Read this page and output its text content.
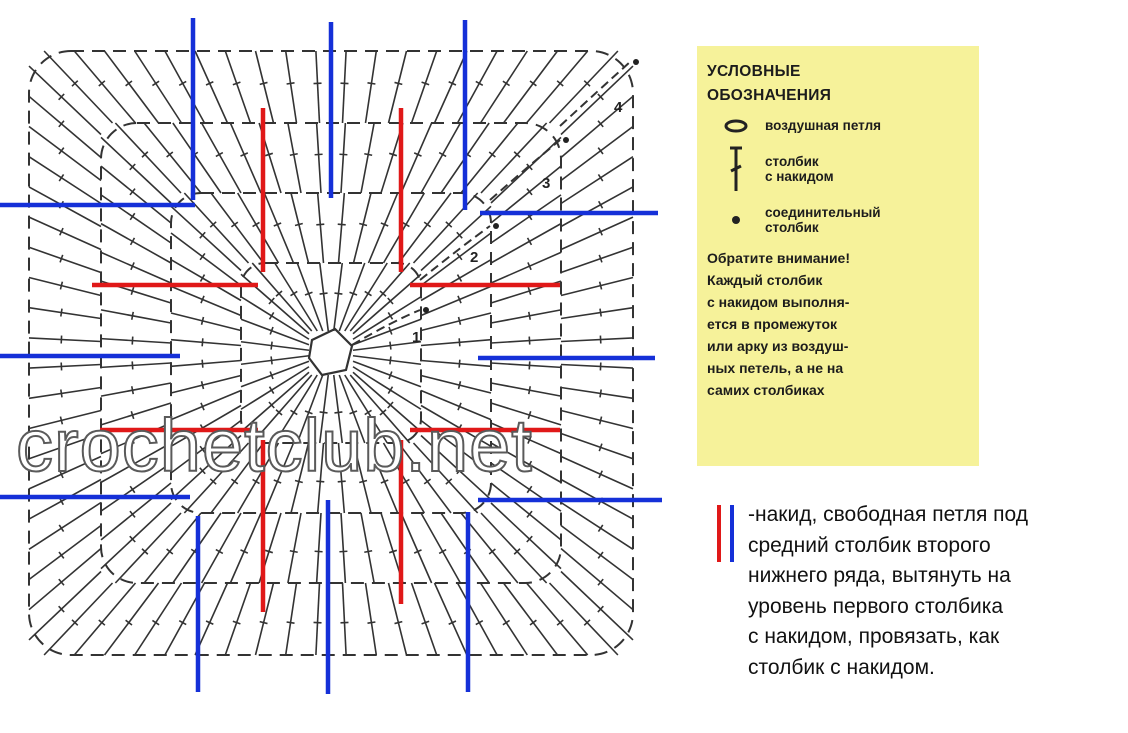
1
2
3
4
crochetclub.net
УСЛОВНЫЕ
ОБОЗНАЧЕНИЯ
воздушная петля
столбик
с накидом
соединительный
столбик
Обратите внимание!
Каждый столбик
с накидом выполня-
ется в промежуток
или арку из воздуш-
ных петель, а не на
самих столбиках
-накид, свободная петля под
средний столбик второго
нижнего ряда, вытянуть на
уровень первого столбика
с накидом, провязать, как
столбик с накидом.
